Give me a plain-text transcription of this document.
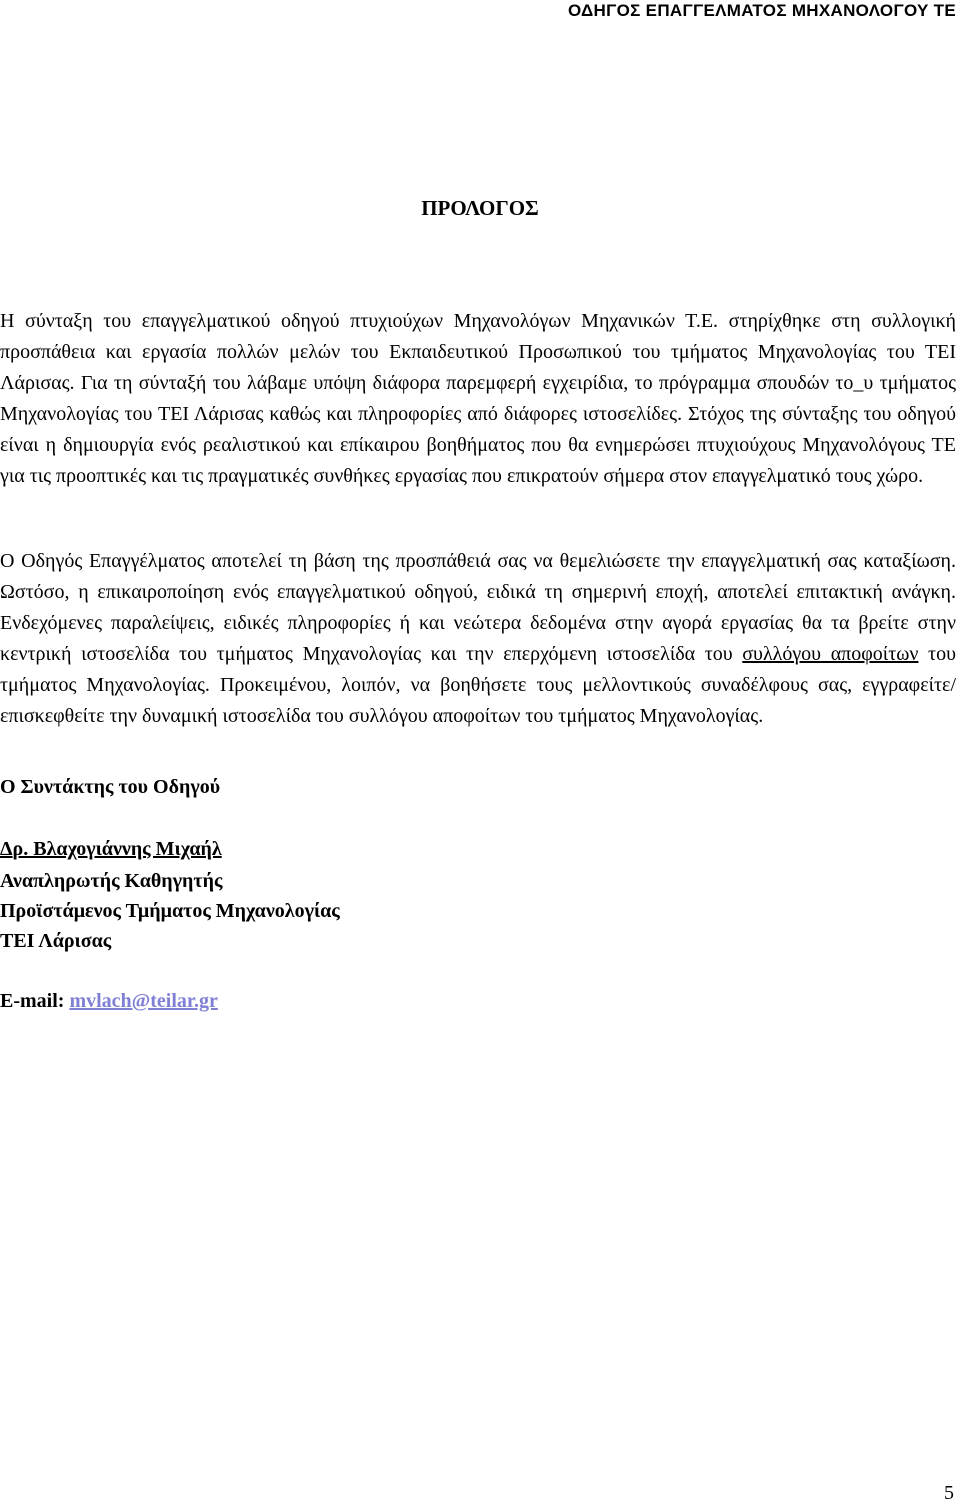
ΟΔΗΓΟΣ ΕΠΑΓΓΕΛΜΑΤΟΣ ΜΗΧΑΝΟΛΟΓΟΥ ΤΕ
ΠΡΟΛΟΓΟΣ

Η σύνταξη του επαγγελματικού οδηγού πτυχιούχων Μηχανολόγων Μηχανικών Τ.Ε. στηρίχθηκε στη συλλογική προσπάθεια και εργασία πολλών μελών του Εκπαιδευτικού Προσωπικού του τμήματος Μηχανολογίας του ΤΕΙ Λάρισας. Για τη σύνταξή του λάβαμε υπόψη διάφορα παρεμφερή εγχειρίδια, το πρόγραμμα σπουδών το_υ τμήματος Μηχανολογίας του ΤΕΙ Λάρισας καθώς και πληροφορίες από διάφορες ιστοσελίδες. Στόχος της σύνταξης του οδηγού είναι η δημιουργία ενός ρεαλιστικού και επίκαιρου βοηθήματος που θα ενημερώσει πτυχιούχους Μηχανολόγους ΤΕ για τις προοπτικές και τις πραγματικές συνθήκες εργασίας που επικρατούν σήμερα στον επαγγελματικό τους χώρο.

Ο Οδηγός Επαγγέλματος αποτελεί τη βάση της προσπάθειά σας να θεμελιώσετε την επαγγελματική σας καταξίωση. Ωστόσο, η επικαιροποίηση ενός επαγγελματικού οδηγού, ειδικά τη σημερινή εποχή, αποτελεί επιτακτική ανάγκη. Ενδεχόμενες παραλείψεις, ειδικές πληροφορίες ή και νεώτερα δεδομένα στην αγορά εργασίας θα τα βρείτε στην κεντρική ιστοσελίδα του τμήματος Μηχανολογίας και την επερχόμενη ιστοσελίδα του συλλόγου αποφοίτων του τμήματος Μηχανολογίας. Προκειμένου, λοιπόν, να βοηθήσετε τους μελλοντικούς συναδέλφους σας, εγγραφείτε/επισκεφθείτε την δυναμική ιστοσελίδα του συλλόγου αποφοίτων του τμήματος Μηχανολογίας.

Ο Συντάκτης του Οδηγού
Δρ. Βλαχογιάννης Μιχαήλ
Αναπληρωτής Καθηγητής
Προϊστάμενος Τμήματος Μηχανολογίας
ΤΕΙ Λάρισας
E-mail: mvlach@teilar.gr
5
